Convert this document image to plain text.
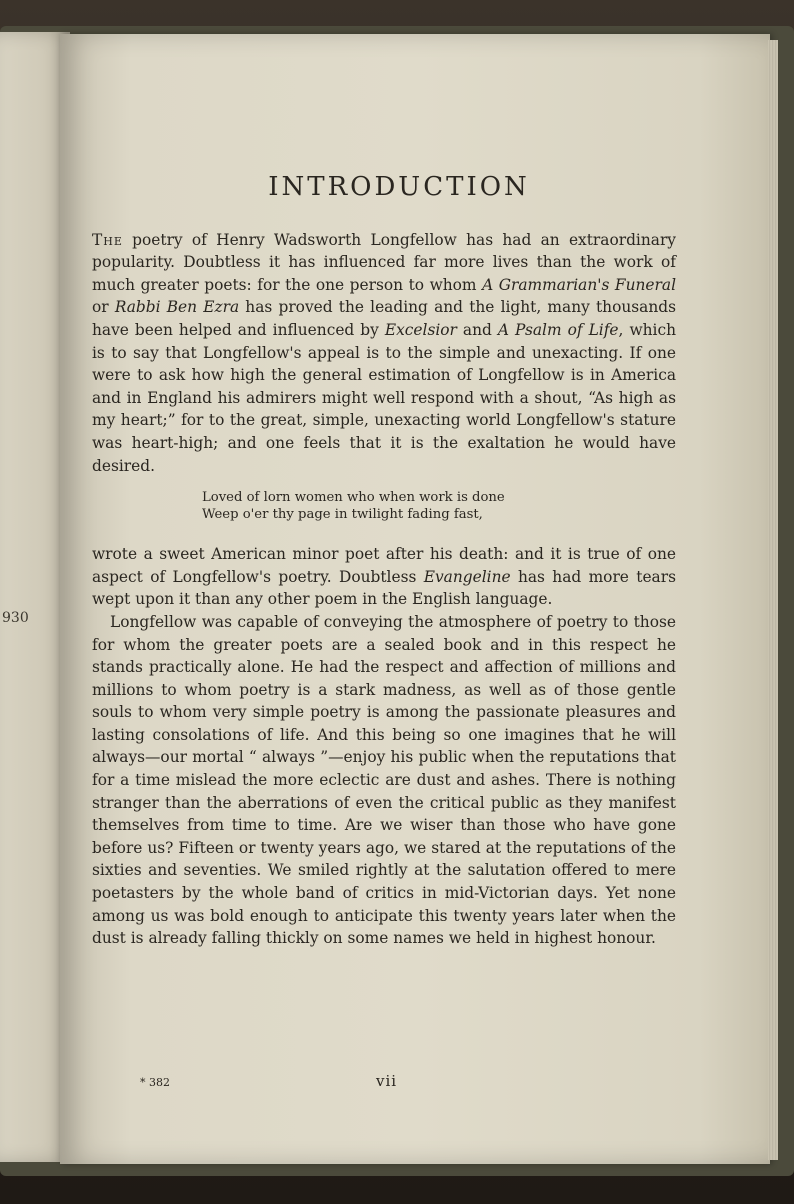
930
INTRODUCTION

The poetry of Henry Wadsworth Longfellow has had an extraordinary popularity. Doubtless it has influenced far more lives than the work of much greater poets: for the one person to whom A Grammarian's Funeral or Rabbi Ben Ezra has proved the leading and the light, many thousands have been helped and influenced by Excelsior and A Psalm of Life, which is to say that Longfellow's appeal is to the simple and unexacting. If one were to ask how high the general estimation of Longfellow is in America and in England his admirers might well respond with a shout, “As high as my heart;” for to the great, simple, unexacting world Longfellow's stature was heart-high; and one feels that it is the exaltation he would have desired.

Loved of lorn women who when work is done
Weep o'er thy page in twilight fading fast,

wrote a sweet American minor poet after his death: and it is true of one aspect of Longfellow's poetry. Doubtless Evangeline has had more tears wept upon it than any other poem in the English language.

Longfellow was capable of conveying the atmosphere of poetry to those for whom the greater poets are a sealed book and in this respect he stands practically alone. He had the respect and affection of millions and millions to whom poetry is a stark madness, as well as of those gentle souls to whom very simple poetry is among the passionate pleasures and lasting consolations of life. And this being so one imagines that he will always—our mortal “ always ”—enjoy his public when the reputations that for a time mislead the more eclectic are dust and ashes. There is nothing stranger than the aberrations of even the critical public as they manifest themselves from time to time. Are we wiser than those who have gone before us? Fifteen or twenty years ago, we stared at the reputations of the sixties and seventies. We smiled rightly at the salutation offered to mere poetasters by the whole band of critics in mid-Victorian days. Yet none among us was bold enough to anticipate this twenty years later when the dust is already falling thickly on some names we held in highest honour.

* 382	vii
